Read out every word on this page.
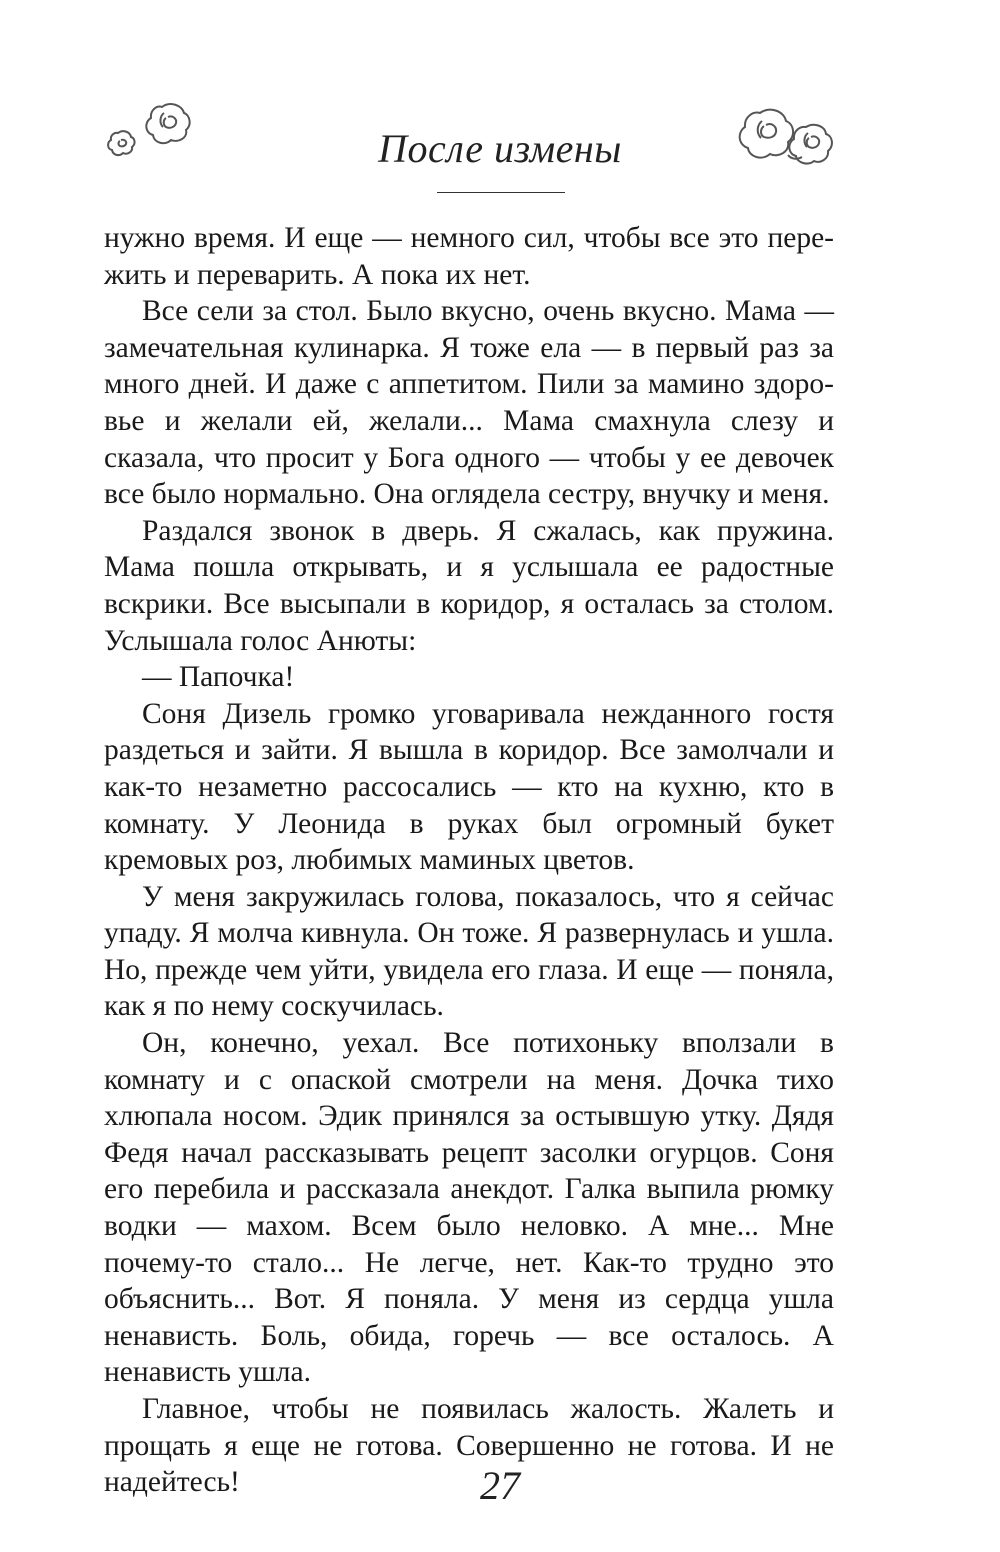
После измены

нужно время. И еще — немного сил, чтобы все это пережить и переварить. А пока их нет.

Все сели за стол. Было вкусно, очень вкусно. Мама — замечательная кулинарка. Я тоже ела — в первый раз за много дней. И даже с аппетитом. Пили за мамино здоровье и желали ей, желали... Мама смахнула слезу и сказала, что просит у Бога одного — чтобы у ее девочек все было нормально. Она оглядела сестру, внучку и меня.

Раздался звонок в дверь. Я сжалась, как пружина. Мама пошла открывать, и я услышала ее радостные вскрики. Все высыпали в коридор, я осталась за столом. Услышала голос Анюты:

— Папочка!

Соня Дизель громко уговаривала нежданного гостя раздеться и зайти. Я вышла в коридор. Все замолчали и как-то незаметно рассосались — кто на кухню, кто в комнату. У Леонида в руках был огромный букет кремовых роз, любимых маминых цветов.

У меня закружилась голова, показалось, что я сейчас упаду. Я молча кивнула. Он тоже. Я развернулась и ушла. Но, прежде чем уйти, увидела его глаза. И еще — поняла, как я по нему соскучилась.

Он, конечно, уехал. Все потихоньку вползали в комнату и с опаской смотрели на меня. Дочка тихо хлюпала носом. Эдик принялся за остывшую утку. Дядя Федя начал рассказывать рецепт засолки огурцов. Соня его перебила и рассказала анекдот. Галка выпила рюмку водки — махом. Всем было неловко. А мне... Мне почему-то стало... Не легче, нет. Как-то трудно это объяснить... Вот. Я поняла. У меня из сердца ушла ненависть. Боль, обида, горечь — все осталось. А ненависть ушла.

Главное, чтобы не появилась жалость. Жалеть и прощать я еще не готова. Совершенно не готова. И не надейтесь!	27
